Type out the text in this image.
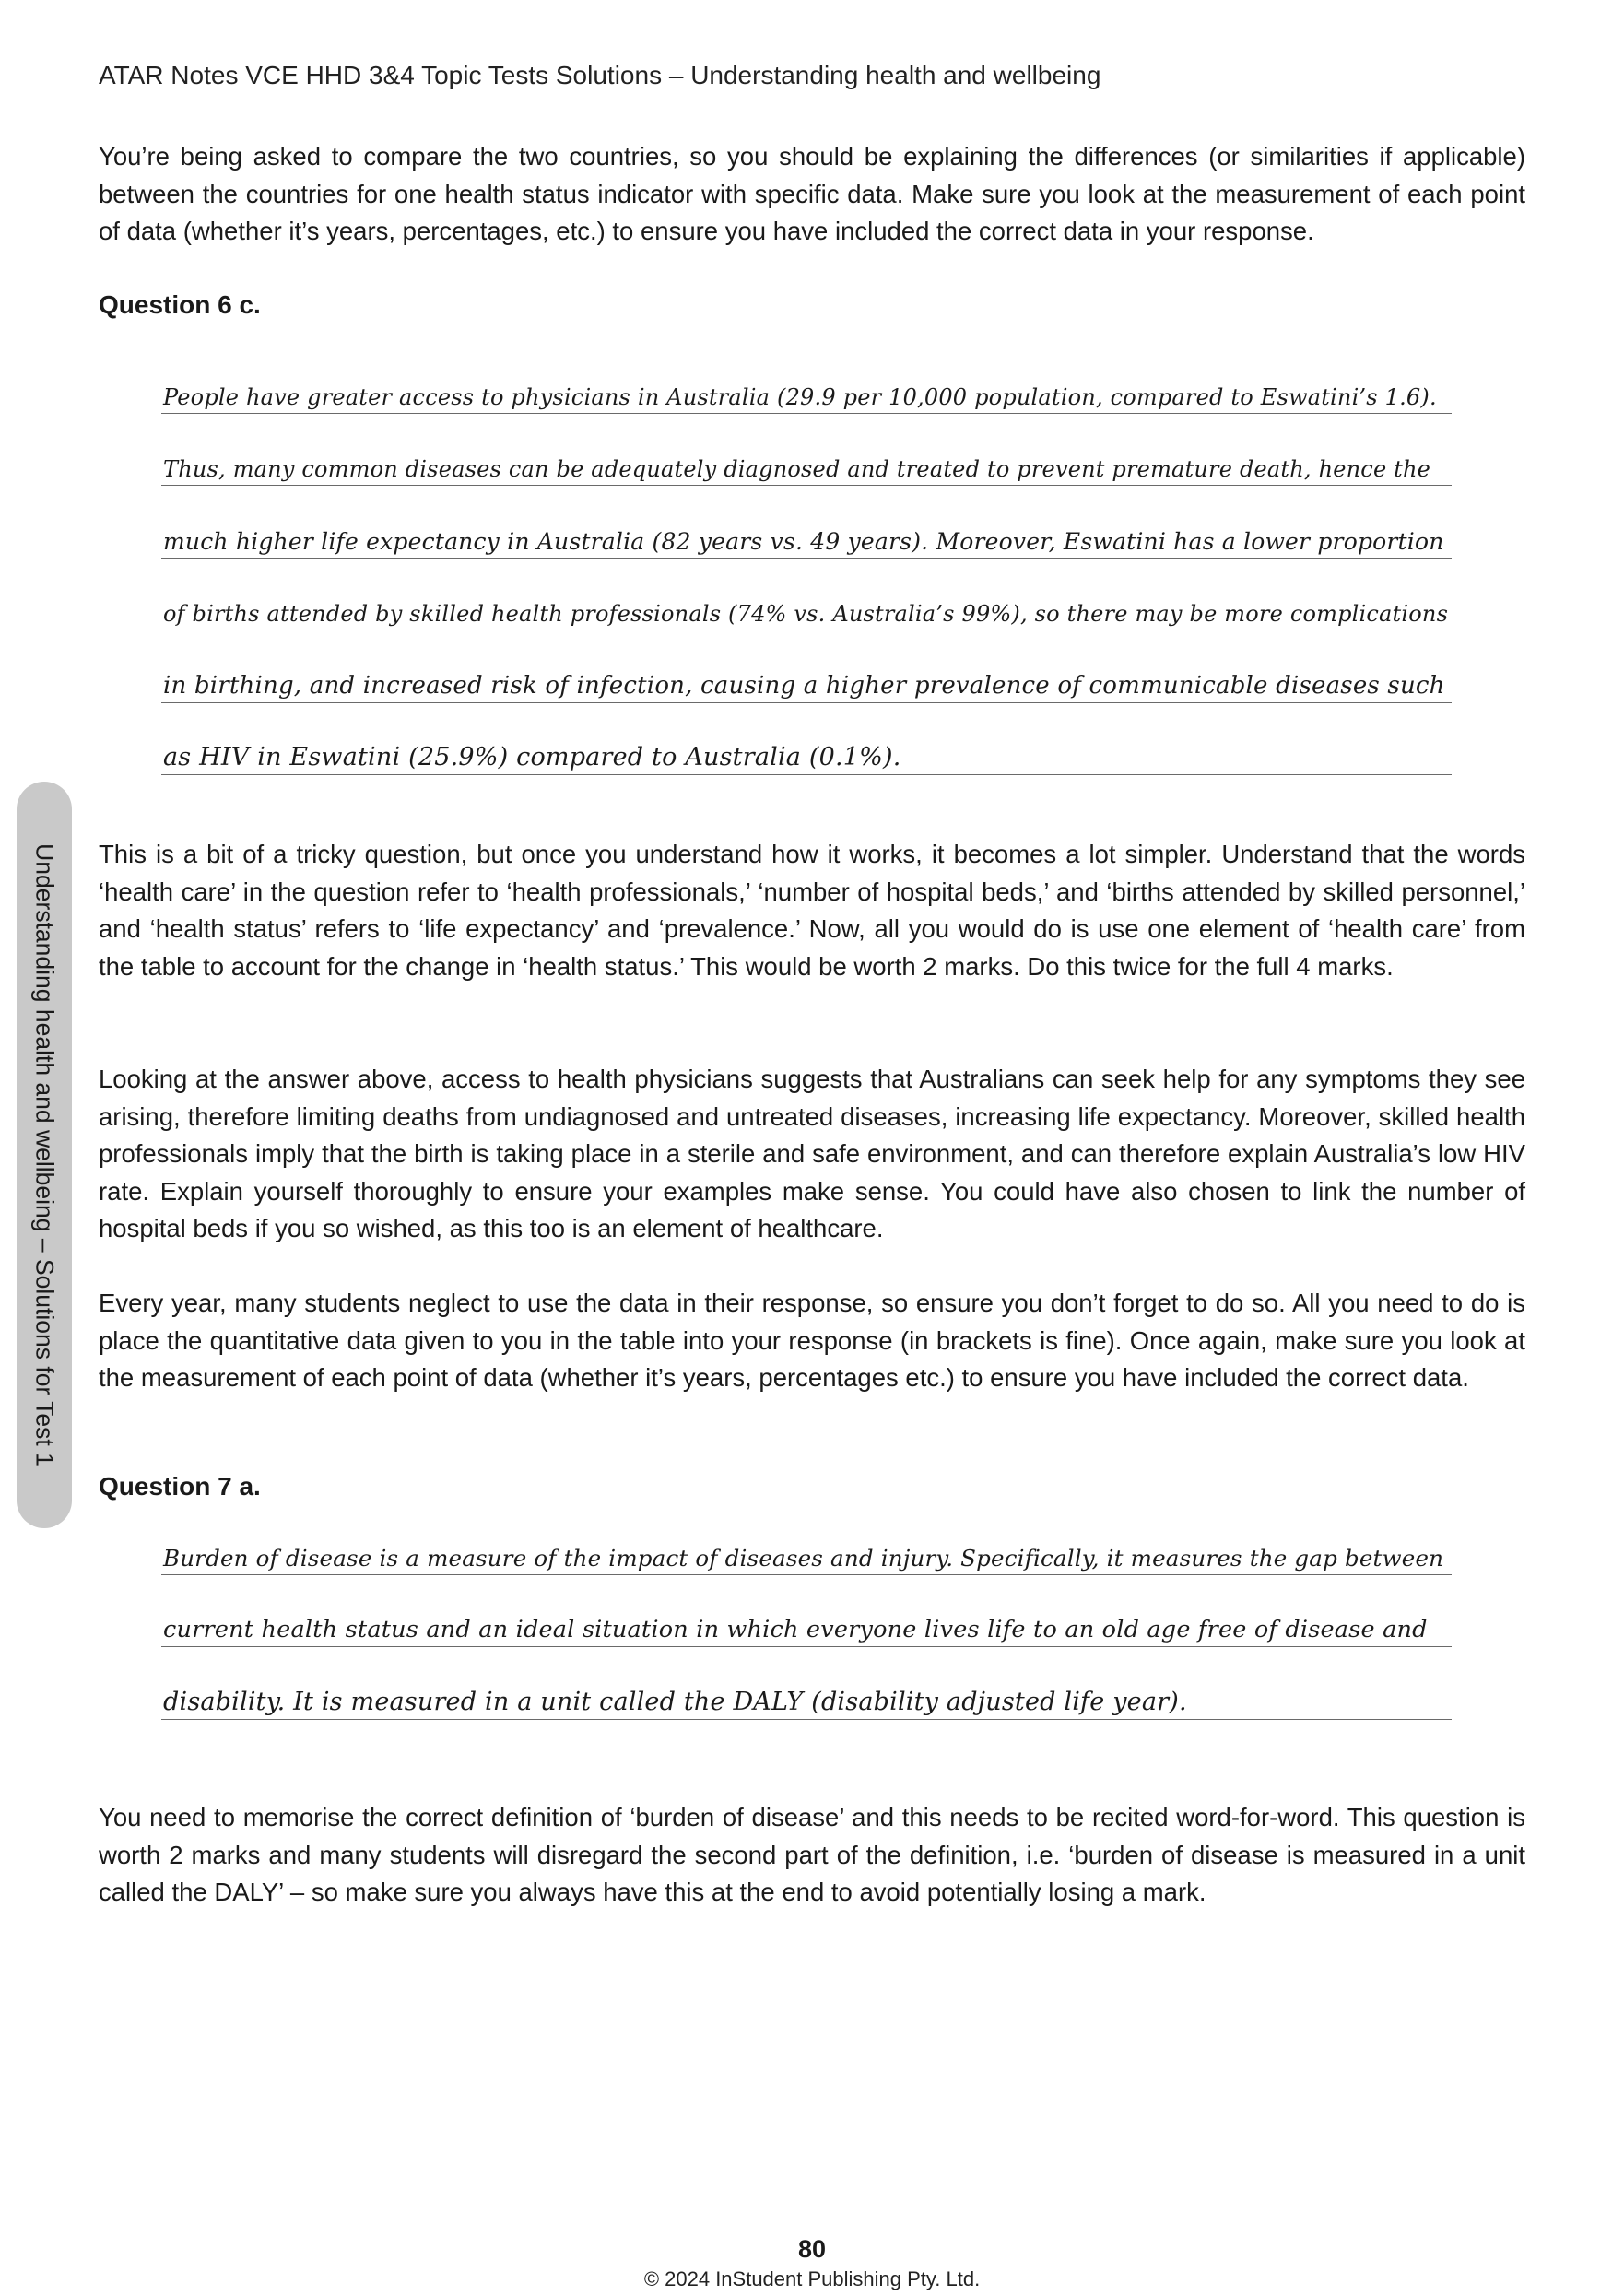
ATAR Notes VCE HHD 3&4 Topic Tests Solutions – Understanding health and wellbeing

You’re being asked to compare the two countries, so you should be explaining the differences (or similarities if applicable) between the countries for one health status indicator with specific data. Make sure you look at the measurement of each point of data (whether it’s years, percentages, etc.) to ensure you have included the correct data in your response.

Question 6 c.
People have greater access to physicians in Australia (29.9 per 10,000 population, compared to Eswatini’s 1.6).
Thus, many common diseases can be adequately diagnosed and treated to prevent premature death, hence the
much higher life expectancy in Australia (82 years vs. 49 years). Moreover, Eswatini has a lower proportion
of births attended by skilled health professionals (74% vs. Australia’s 99%), so there may be more complications
in birthing, and increased risk of infection, causing a higher prevalence of communicable diseases such
as HIV in Eswatini (25.9%) compared to Australia (0.1%).

This is a bit of a tricky question, but once you understand how it works, it becomes a lot simpler. Understand that the words ‘health care’ in the question refer to ‘health professionals,’ ‘number of hospital beds,’ and ‘births attended by skilled personnel,’ and ‘health status’ refers to ‘life expectancy’ and ‘prevalence.’ Now, all you would do is use one element of ‘health care’ from the table to account for the change in ‘health status.’ This would be worth 2 marks. Do this twice for the full 4 marks.

Looking at the answer above, access to health physicians suggests that Australians can seek help for any symptoms they see arising, therefore limiting deaths from undiagnosed and untreated diseases, increasing life expectancy. Moreover, skilled health professionals imply that the birth is taking place in a sterile and safe environment, and can therefore explain Australia’s low HIV rate. Explain yourself thoroughly to ensure your examples make sense. You could have also chosen to link the number of hospital beds if you so wished, as this too is an element of healthcare.

Every year, many students neglect to use the data in their response, so ensure you don’t forget to do so. All you need to do is place the quantitative data given to you in the table into your response (in brackets is fine). Once again, make sure you look at the measurement of each point of data (whether it’s years, percentages etc.) to ensure you have included the correct data.

Question 7 a.
Burden of disease is a measure of the impact of diseases and injury. Specifically, it measures the gap between
current health status and an ideal situation in which everyone lives life to an old age free of disease and
disability. It is measured in a unit called the DALY (disability adjusted life year).

You need to memorise the correct definition of ‘burden of disease’ and this needs to be recited word-for-word. This question is worth 2 marks and many students will disregard the second part of the definition, i.e. ‘burden of disease is measured in a unit called the DALY’ – so make sure you always have this at the end to avoid potentially losing a mark.

Understanding health and wellbeing – Solutions for Test 1
80
© 2024 InStudent Publishing Pty. Ltd.
